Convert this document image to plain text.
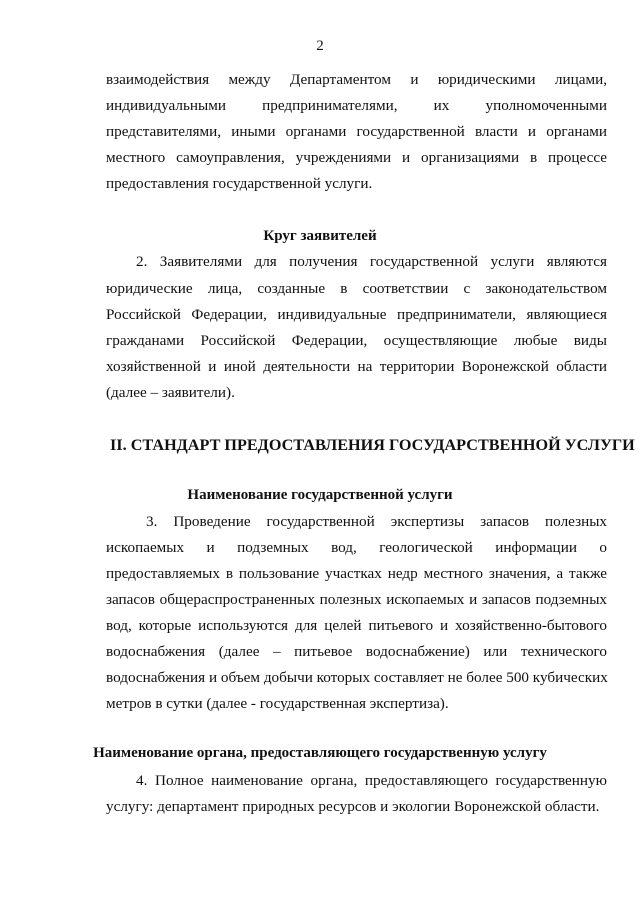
2
взаимодействия между Департаментом и юридическими лицами,
индивидуальными предпринимателями, их уполномоченными
представителями, иными органами государственной власти и органами
местного самоуправления, учреждениями и организациями в процессе
предоставления государственной услуги.
Круг заявителей
2. Заявителями для получения государственной услуги являются
юридические лица, созданные в соответствии с законодательством
Российской Федерации, индивидуальные предприниматели, являющиеся
гражданами Российской Федерации, осуществляющие любые виды
хозяйственной и иной деятельности на территории Воронежской области
(далее – заявители).
II. СТАНДАРТ ПРЕДОСТАВЛЕНИЯ ГОСУДАРСТВЕННОЙ УСЛУГИ
Наименование государственной услуги
3. Проведение государственной экспертизы запасов полезных
ископаемых и подземных вод, геологической информации о
предоставляемых в пользование участках недр местного значения, а также
запасов общераспространенных полезных ископаемых и запасов подземных
вод, которые используются для целей питьевого и хозяйственно-бытового
водоснабжения (далее – питьевое водоснабжение) или технического
водоснабжения и объем добычи которых составляет не более 500 кубических
метров в сутки (далее - государственная экспертиза).
Наименование органа, предоставляющего государственную услугу
4. Полное наименование органа, предоставляющего государственную
услугу: департамент природных ресурсов и экологии Воронежской области.
